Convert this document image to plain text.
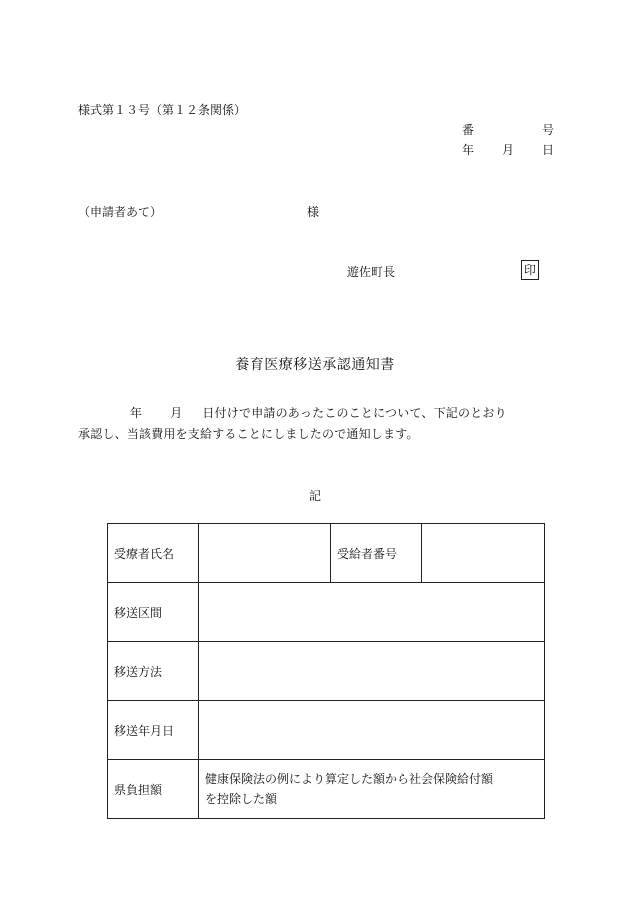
様式第１３号（第１２条関係）
番	号
年 月 日
（申請者あて）	様
遊佐町長	印
養育医療移送承認通知書
年 月 日付けで申請のあったこのことについて、下記のとおり
承認し、当該費用を支給することにしましたので通知します。
記
受療者氏名		受給者番号	
移送区間			
移送方法			
移送年月日			
県負担額	健康保険法の例により算定した額から社会保険給付額
を控除した額		
